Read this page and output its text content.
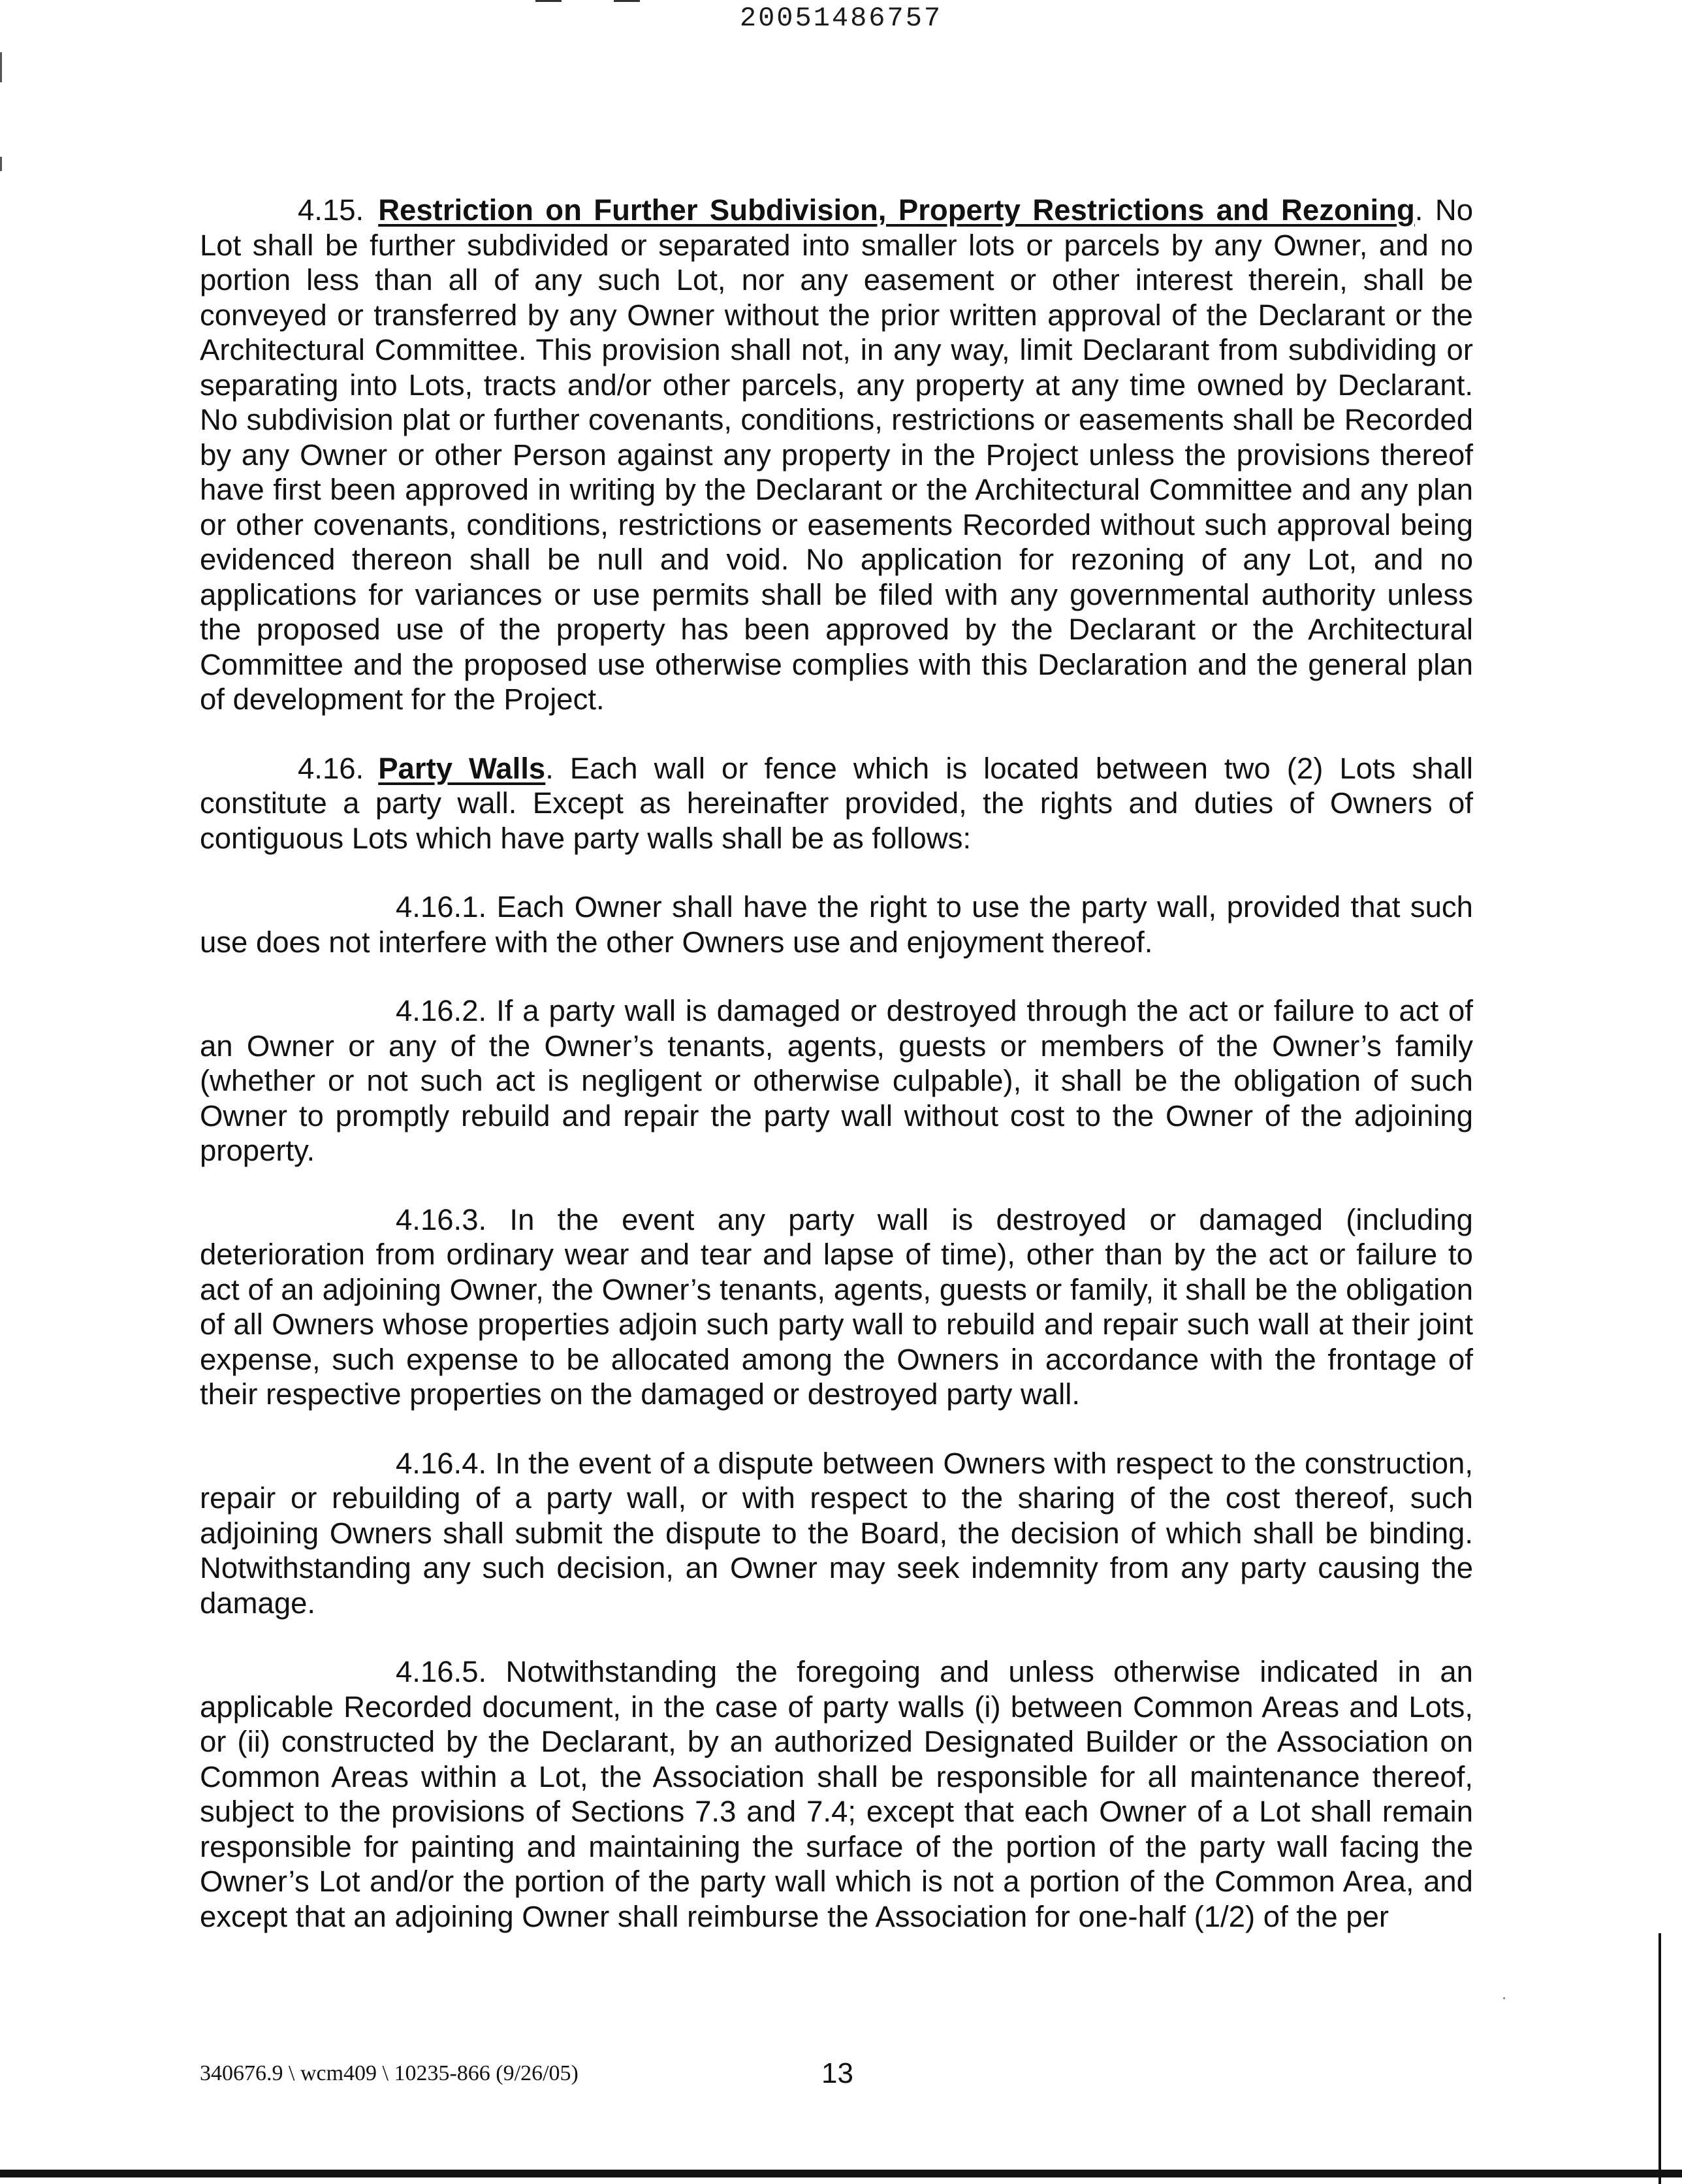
20051486757

4.15. Restriction on Further Subdivision, Property Restrictions and Rezoning. No Lot shall be further subdivided or separated into smaller lots or parcels by any Owner, and no portion less than all of any such Lot, nor any easement or other interest therein, shall be conveyed or transferred by any Owner without the prior written approval of the Declarant or the Architectural Committee. This provision shall not, in any way, limit Declarant from subdividing or separating into Lots, tracts and/or other parcels, any property at any time owned by Declarant. No subdivision plat or further covenants, conditions, restrictions or easements shall be Recorded by any Owner or other Person against any property in the Project unless the provisions thereof have first been approved in writing by the Declarant or the Architectural Committee and any plan or other covenants, conditions, restrictions or easements Recorded without such approval being evidenced thereon shall be null and void. No application for rezoning of any Lot, and no applications for variances or use permits shall be filed with any governmental authority unless the proposed use of the property has been approved by the Declarant or the Architectural Committee and the proposed use otherwise complies with this Declaration and the general plan of development for the Project.

4.16. Party Walls. Each wall or fence which is located between two (2) Lots shall constitute a party wall. Except as hereinafter provided, the rights and duties of Owners of contiguous Lots which have party walls shall be as follows:

4.16.1. Each Owner shall have the right to use the party wall, provided that such use does not interfere with the other Owners use and enjoyment thereof.

4.16.2. If a party wall is damaged or destroyed through the act or failure to act of an Owner or any of the Owner’s tenants, agents, guests or members of the Owner’s family (whether or not such act is negligent or otherwise culpable), it shall be the obligation of such Owner to promptly rebuild and repair the party wall without cost to the Owner of the adjoining property.

4.16.3. In the event any party wall is destroyed or damaged (including deterioration from ordinary wear and tear and lapse of time), other than by the act or failure to act of an adjoining Owner, the Owner’s tenants, agents, guests or family, it shall be the obligation of all Owners whose properties adjoin such party wall to rebuild and repair such wall at their joint expense, such expense to be allocated among the Owners in accordance with the frontage of their respective properties on the damaged or destroyed party wall.

4.16.4. In the event of a dispute between Owners with respect to the construction, repair or rebuilding of a party wall, or with respect to the sharing of the cost thereof, such adjoining Owners shall submit the dispute to the Board, the decision of which shall be binding. Notwithstanding any such decision, an Owner may seek indemnity from any party causing the damage.

4.16.5. Notwithstanding the foregoing and unless otherwise indicated in an applicable Recorded document, in the case of party walls (i) between Common Areas and Lots, or (ii) constructed by the Declarant, by an authorized Designated Builder or the Association on Common Areas within a Lot, the Association shall be responsible for all maintenance thereof, subject to the provisions of Sections 7.3 and 7.4; except that each Owner of a Lot shall remain responsible for painting and maintaining the surface of the portion of the party wall facing the Owner’s Lot and/or the portion of the party wall which is not a portion of the Common Area, and except that an adjoining Owner shall reimburse the Association for one-half (1/2) of the per

340676.9 \ wcm409 \ 10235-866 (9/26/05)	13
